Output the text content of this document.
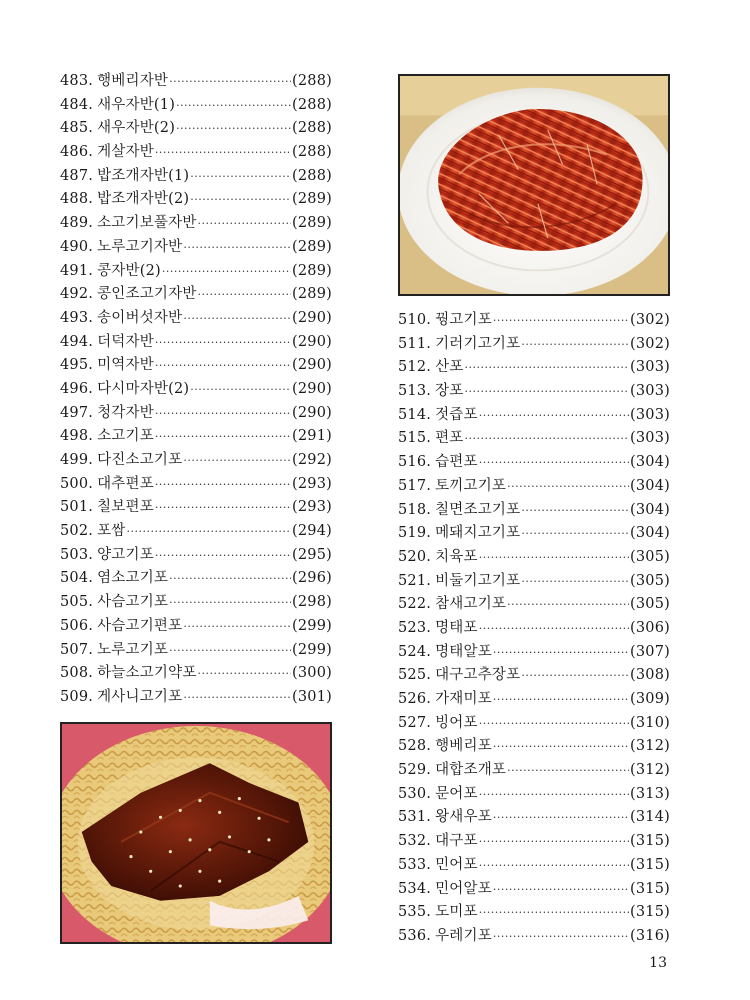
483. 행베리자반 ·····	(288)
484. 새우자반(1) ·····	(288)
485. 새우자반(2) ·····	(288)
486. 게살자반 ·····	(288)
487. 밥조개자반(1) ·····	(288)
488. 밥조개자반(2) ·····	(289)
489. 소고기보풀자반 ·····	(289)
490. 노루고기자반 ·····	(289)
491. 콩자반(2) ·····	(289)
492. 콩인조고기자반 ·····	(289)
493. 송이버섯자반 ·····	(290)
494. 더덕자반 ·····	(290)
495. 미역자반 ·····	(290)
496. 다시마자반(2) ·····	(290)
497. 청각자반 ·····	(290)
498. 소고기포 ·····	(291)
499. 다진소고기포 ·····	(292)
500. 대추편포 ·····	(293)
501. 칠보편포 ·····	(293)
502. 포쌈 ·····	(294)
503. 양고기포 ·····	(295)
504. 염소고기포 ·····	(296)
505. 사슴고기포 ·····	(298)
506. 사슴고기편포 ·····	(299)
507. 노루고기포 ·····	(299)
508. 하늘소고기약포 ·····	(300)
509. 게사니고기포 ·····	(301)
510. 꿩고기포 ·····	(302)
511. 기러기고기포 ·····	(302)
512. 산포 ·····	(303)
513. 장포 ·····	(303)
514. 젓즙포 ·····	(303)
515. 편포 ·····	(303)
516. 습편포 ·····	(304)
517. 토끼고기포 ·····	(304)
518. 칠면조고기포 ·····	(304)
519. 메돼지고기포 ·····	(304)
520. 치육포 ·····	(305)
521. 비둘기고기포 ·····	(305)
522. 참새고기포 ·····	(305)
523. 명태포 ·····	(306)
524. 명태알포 ·····	(307)
525. 대구고추장포 ·····	(308)
526. 가재미포 ·····	(309)
527. 빙어포 ·····	(310)
528. 행베리포 ·····	(312)
529. 대합조개포 ·····	(312)
530. 문어포 ·····	(313)
531. 왕새우포 ·····	(314)
532. 대구포 ·····	(315)
533. 민어포 ·····	(315)
534. 민어알포 ·····	(315)
535. 도미포 ·····	(315)
536. 우레기포 ·····	(316)
13
